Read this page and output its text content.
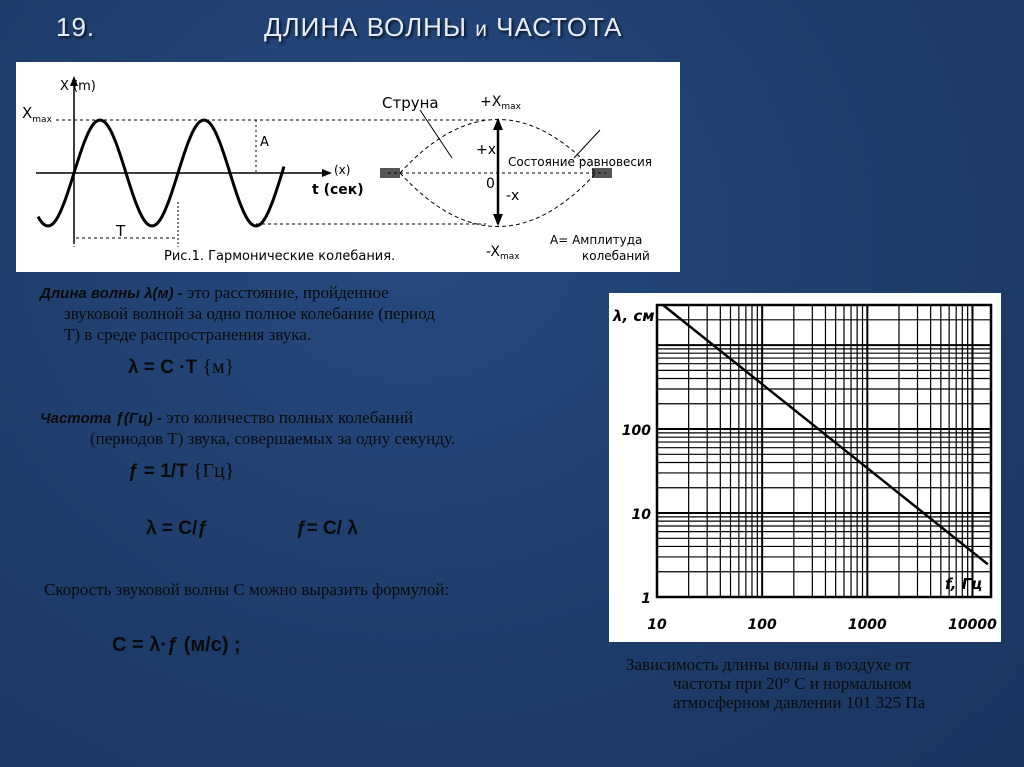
19.	ДЛИНА ВОЛНЫ и ЧАСТОТА
X (m)
$X_{max}$
A
(x)
t (сек)
T
Рис.1. Гармонические колебания.
Струна	$+X_{max}$
+x
0
-x
$-X_{max}$
Состояние равновесия
A= Амплитуда
колебаний
Длина волны λ(м) - это расстояние, пройденное
звуковой волной за одно полное колебание (период
T) в среде распространения звука.
λ = С ·Т {м}
Частота ƒ(Гц) - это количество полных колебаний
(периодов T) звука, совершаемых за одну секунду.
ƒ = 1/T {Гц}
λ = С/ƒ	ƒ= С/ λ
Скорость звуковой волны С можно выразить формулой:
С = λ·ƒ (м/с) ;
λ, см
f, Гц
10	100	1000	10000
1
10
100
Зависимость длины волны в воздухе от
частоты при 20° С и нормальном
атмосферном давлении 101 325 Па
